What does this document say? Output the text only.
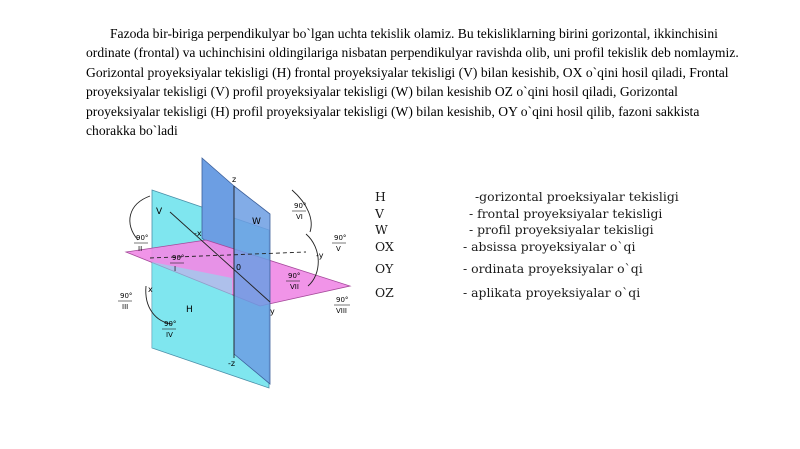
Fazoda bir-biriga perpendikulyar bo`lgan uchta tekislik olamiz. Bu tekisliklarning birini gorizontal, ikkinchisini ordinate (frontal) va uchinchisini oldingilariga nisbatan perpendikulyar ravishda olib, uni profil tekislik deb nomlaymiz. Gorizontal proyeksiyalar tekisligi (H) frontal proyeksiyalar tekisligi (V) bilan kesishib, OX o`qini hosil qiladi, Frontal proyeksiyalar tekisligi (V) profil proyeksiyalar tekisligi (W) bilan kesishib OZ o`qini hosil qiladi, Gorizontal proyeksiyalar tekisligi (H) profil proyeksiyalar tekisligi (W) bilan kesishib, OY o`qini hosil qilib, fazoni sakkista chorakka bo`ladi

z
-z
-x
x
-y
y
0
V
W
H
90°
I
90°
II
90°
III
90°
IV
90°
V
90°
VI
90°
VII
90°
VIII
H	-gorizontal proeksiyalar tekisligi
V	- frontal proyeksiyalar tekisligi
W	- profil proyeksiyalar tekisligi
OX	- absissa proyeksiyalar o`qi
OY	- ordinata proyeksiyalar o`qi
OZ	- aplikata proyeksiyalar o`qi
